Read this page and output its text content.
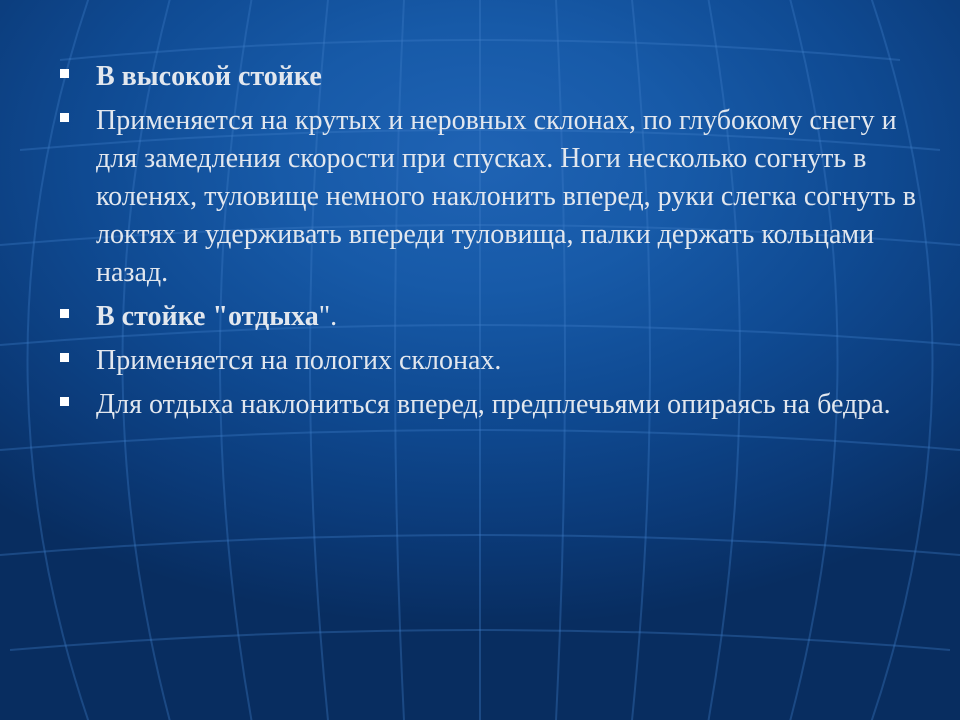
В высокой стойке
Применяется на крутых и неровных склонах, по глубокому снегу и для замедления скорости при спусках. Ноги несколько согнуть в коленях, туловище немного наклонить вперед, руки слегка согнуть в локтях и удерживать впереди туловища, палки держать кольцами назад.
В стойке "отдыха".
Применяется на пологих склонах.
Для отдыха наклониться вперед, предплечьями опираясь на бедра.
